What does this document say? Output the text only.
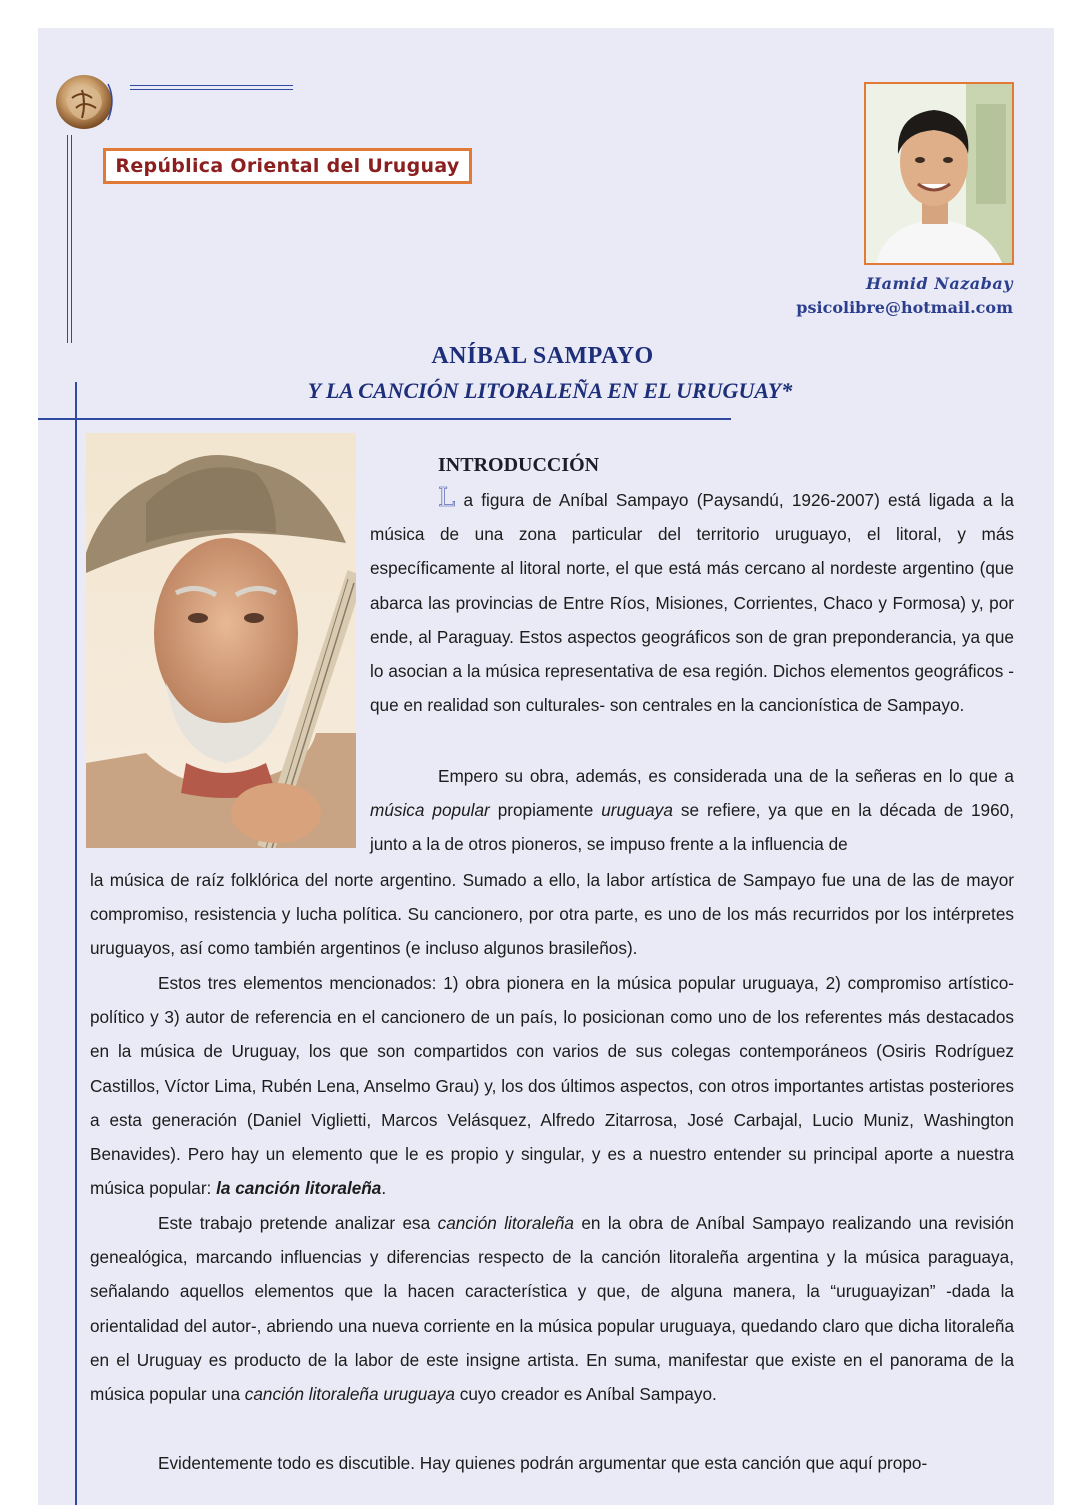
República Oriental del Uruguay
Hamid Nazabay
psicolibre@hotmail.com
ANÍBAL SAMPAYO
Y LA CANCIÓN LITORALEÑA EN EL URUGUAY*
INTRODUCCIÓN
L a figura de Aníbal Sampayo (Paysandú, 1926-2007) está ligada a la música de una zona particular del territorio uruguayo, el litoral, y más específicamente al litoral norte, el que está más cercano al nordeste argentino (que abarca las provincias de Entre Ríos, Misiones, Corrientes, Chaco y Formosa) y, por ende, al Paraguay. Estos aspectos geográficos son de gran preponderancia, ya que lo asocian a la música representativa de esa región. Dichos elementos geográficos -que en realidad son culturales- son centrales en la cancionística de Sampayo.
Empero su obra, además, es considerada una de la señeras en lo que a música popular propiamente uruguaya se refiere, ya que en la década de 1960, junto a la de otros pioneros, se impuso frente a la influencia de
la música de raíz folklórica del norte argentino. Sumado a ello, la labor artística de Sampayo fue una de las de mayor compromiso, resistencia y lucha política. Su cancionero, por otra parte, es uno de los más recurridos por los intérpretes uruguayos, así como también argentinos (e incluso algunos brasileños).
Estos tres elementos mencionados: 1) obra pionera en la música popular uruguaya, 2) compromiso artístico-político y 3) autor de referencia en el cancionero de un país, lo posicionan como uno de los referentes más destacados en la música de Uruguay, los que son compartidos con varios de sus colegas contemporáneos (Osiris Rodríguez Castillos, Víctor Lima, Rubén Lena, Anselmo Grau) y, los dos últimos aspectos, con otros importantes artistas posteriores a esta generación (Daniel Viglietti, Marcos Velásquez, Alfredo Zitarrosa, José Carbajal, Lucio Muniz, Washington Benavides). Pero hay un elemento que le es propio y singular, y es a nuestro entender su principal aporte a nuestra música popular: la canción litoraleña.
Este trabajo pretende analizar esa canción litoraleña en la obra de Aníbal Sampayo realizando una revisión genealógica, marcando influencias y diferencias respecto de la canción litoraleña argentina y la música paraguaya, señalando aquellos elementos que la hacen característica y que, de alguna manera, la “uruguayizan” -dada la orientalidad del autor-, abriendo una nueva corriente en la música popular uruguaya, quedando claro que dicha litoraleña en el Uruguay es producto de la labor de este insigne artista. En suma, manifestar que existe en el panorama de la música popular una canción litoraleña uruguaya cuyo creador es Aníbal Sampayo.
Evidentemente todo es discutible. Hay quienes podrán argumentar que esta canción que aquí propo-
